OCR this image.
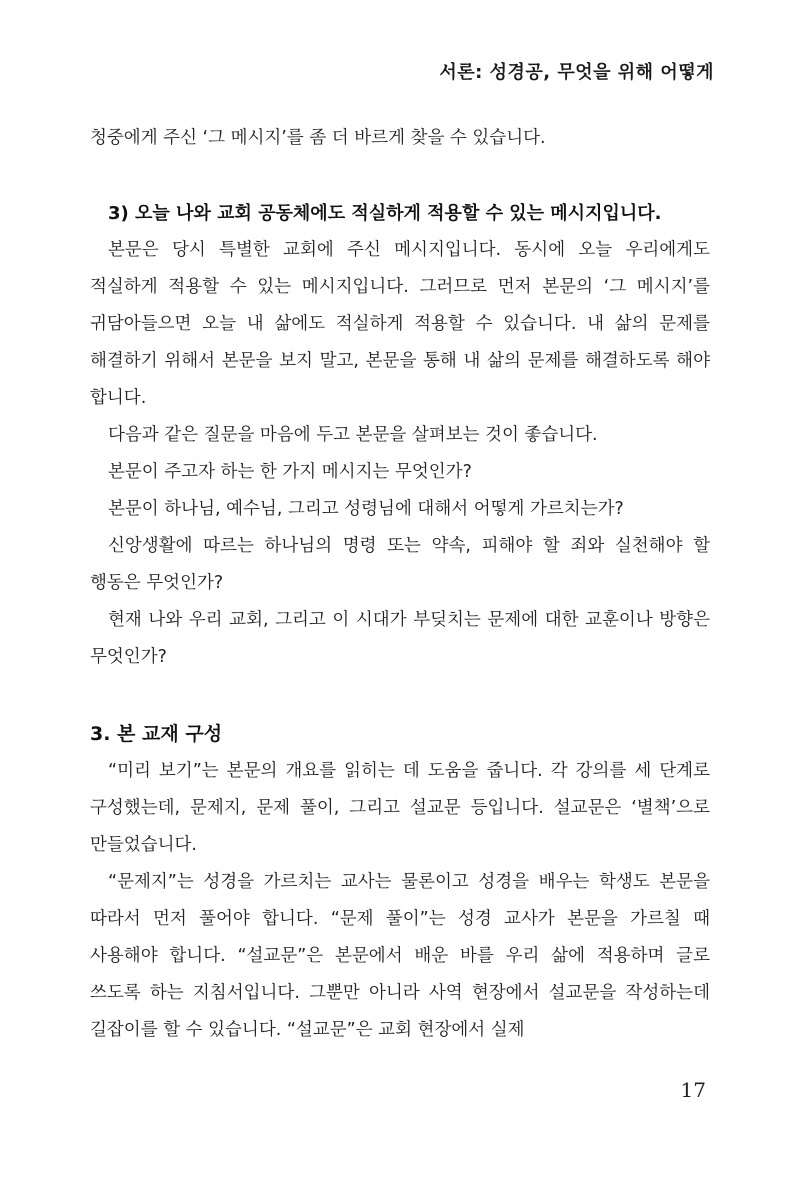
서론: 성경공, 무엇을 위해 어떻게

청중에게 주신 ‘그 메시지’를 좀 더 바르게 찾을 수 있습니다.

3) 오늘 나와 교회 공동체에도 적실하게 적용할 수 있는 메시지입니다.

본문은 당시 특별한 교회에 주신 메시지입니다. 동시에 오늘 우리에게도 적실하게 적용할 수 있는 메시지입니다. 그러므로 먼저 본문의 ‘그 메시지’를 귀담아들으면 오늘 내 삶에도 적실하게 적용할 수 있습니다. 내 삶의 문제를 해결하기 위해서 본문을 보지 말고, 본문을 통해 내 삶의 문제를 해결하도록 해야 합니다.

다음과 같은 질문을 마음에 두고 본문을 살펴보는 것이 좋습니다.

본문이 주고자 하는 한 가지 메시지는 무엇인가?

본문이 하나님, 예수님, 그리고 성령님에 대해서 어떻게 가르치는가?

신앙생활에 따르는 하나님의 명령 또는 약속, 피해야 할 죄와 실천해야 할 행동은 무엇인가?

현재 나와 우리 교회, 그리고 이 시대가 부딪치는 문제에 대한 교훈이나 방향은 무엇인가?

3. 본 교재 구성

“미리 보기”는 본문의 개요를 읽히는 데 도움을 줍니다. 각 강의를 세 단계로 구성했는데, 문제지, 문제 풀이, 그리고 설교문 등입니다. 설교문은 ‘별책’으로 만들었습니다.

“문제지”는 성경을 가르치는 교사는 물론이고 성경을 배우는 학생도 본문을 따라서 먼저 풀어야 합니다. “문제 풀이”는 성경 교사가 본문을 가르칠 때 사용해야 합니다. “설교문”은 본문에서 배운 바를 우리 삶에 적용하며 글로 쓰도록 하는 지침서입니다. 그뿐만 아니라 사역 현장에서 설교문을 작성하는데 길잡이를 할 수 있습니다. “설교문”은 교회 현장에서 실제

17
